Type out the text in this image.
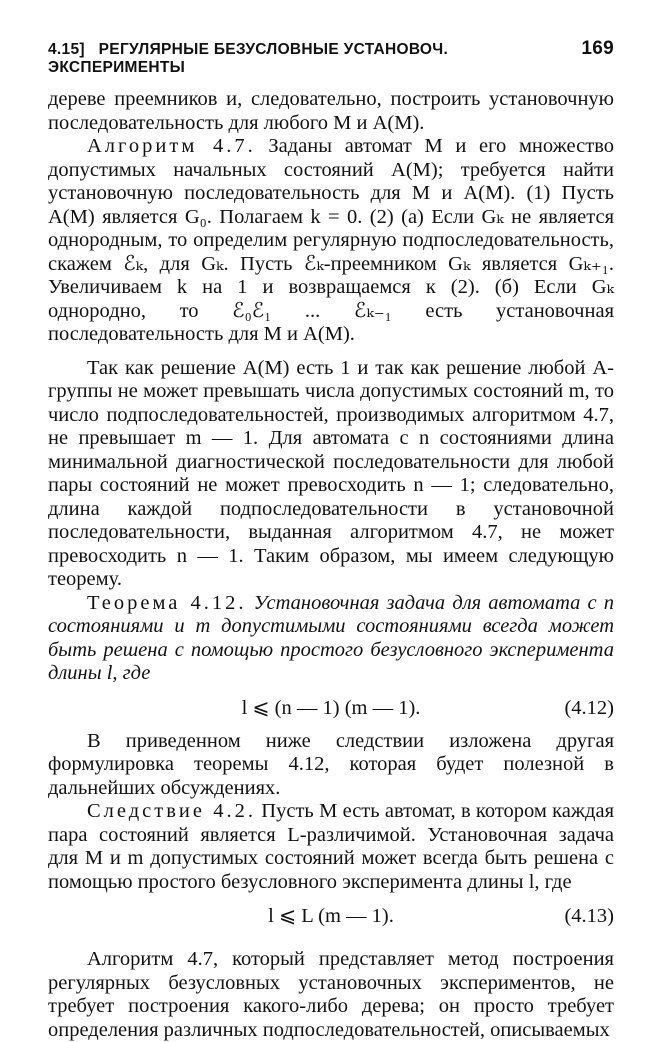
4.15] РЕГУЛЯРНЫЕ БЕЗУСЛОВНЫЕ УСТАНОВОЧ. ЭКСПЕРИМЕНТЫ
169

дереве преемников и, следовательно, построить установочную последовательность для любого M и A(M).

Алгоритм 4.7. Заданы автомат M и его множество допустимых начальных состояний A(M); требуется найти установочную последовательность для M и A(M). (1) Пусть A(M) является G₀. Полагаем k = 0. (2) (а) Если Gₖ не является однородным, то определим регулярную подпоследовательность, скажем ℰₖ, для Gₖ. Пусть ℰₖ-преемником Gₖ является Gₖ₊₁. Увеличиваем k на 1 и возвращаемся к (2). (б) Если Gₖ однородно, то ℰ₀ℰ₁ ... ℰₖ₋₁ есть установочная последовательность для M и A(M).

Так как решение A(M) есть 1 и так как решение любой A-группы не может превышать числа допустимых состояний m, то число подпоследовательностей, производимых алгоритмом 4.7, не превышает m — 1. Для автомата с n состояниями длина минимальной диагностической последовательности для любой пары состояний не может превосходить n — 1; следовательно, длина каждой подпоследовательности в установочной последовательности, выданная алгоритмом 4.7, не может превосходить n — 1. Таким образом, мы имеем следующую теорему.

Теорема 4.12. Установочная задача для автомата с n состояниями и m допустимыми состояниями всегда может быть решена с помощью простого безусловного эксперимента длины l, где

l ⩽ (n — 1) (m — 1).	(4.12)

В приведенном ниже следствии изложена другая формулировка теоремы 4.12, которая будет полезной в дальнейших обсуждениях.

Следствие 4.2. Пусть M есть автомат, в котором каждая пара состояний является L-различимой. Установочная задача для M и m допустимых состояний может всегда быть решена с помощью простого безусловного эксперимента длины l, где

l ⩽ L (m — 1).	(4.13)

Алгоритм 4.7, который представляет метод построения регулярных безусловных установочных экспериментов, не требует построения какого-либо дерева; он просто требует определения различных подпоследовательностей, описываемых
